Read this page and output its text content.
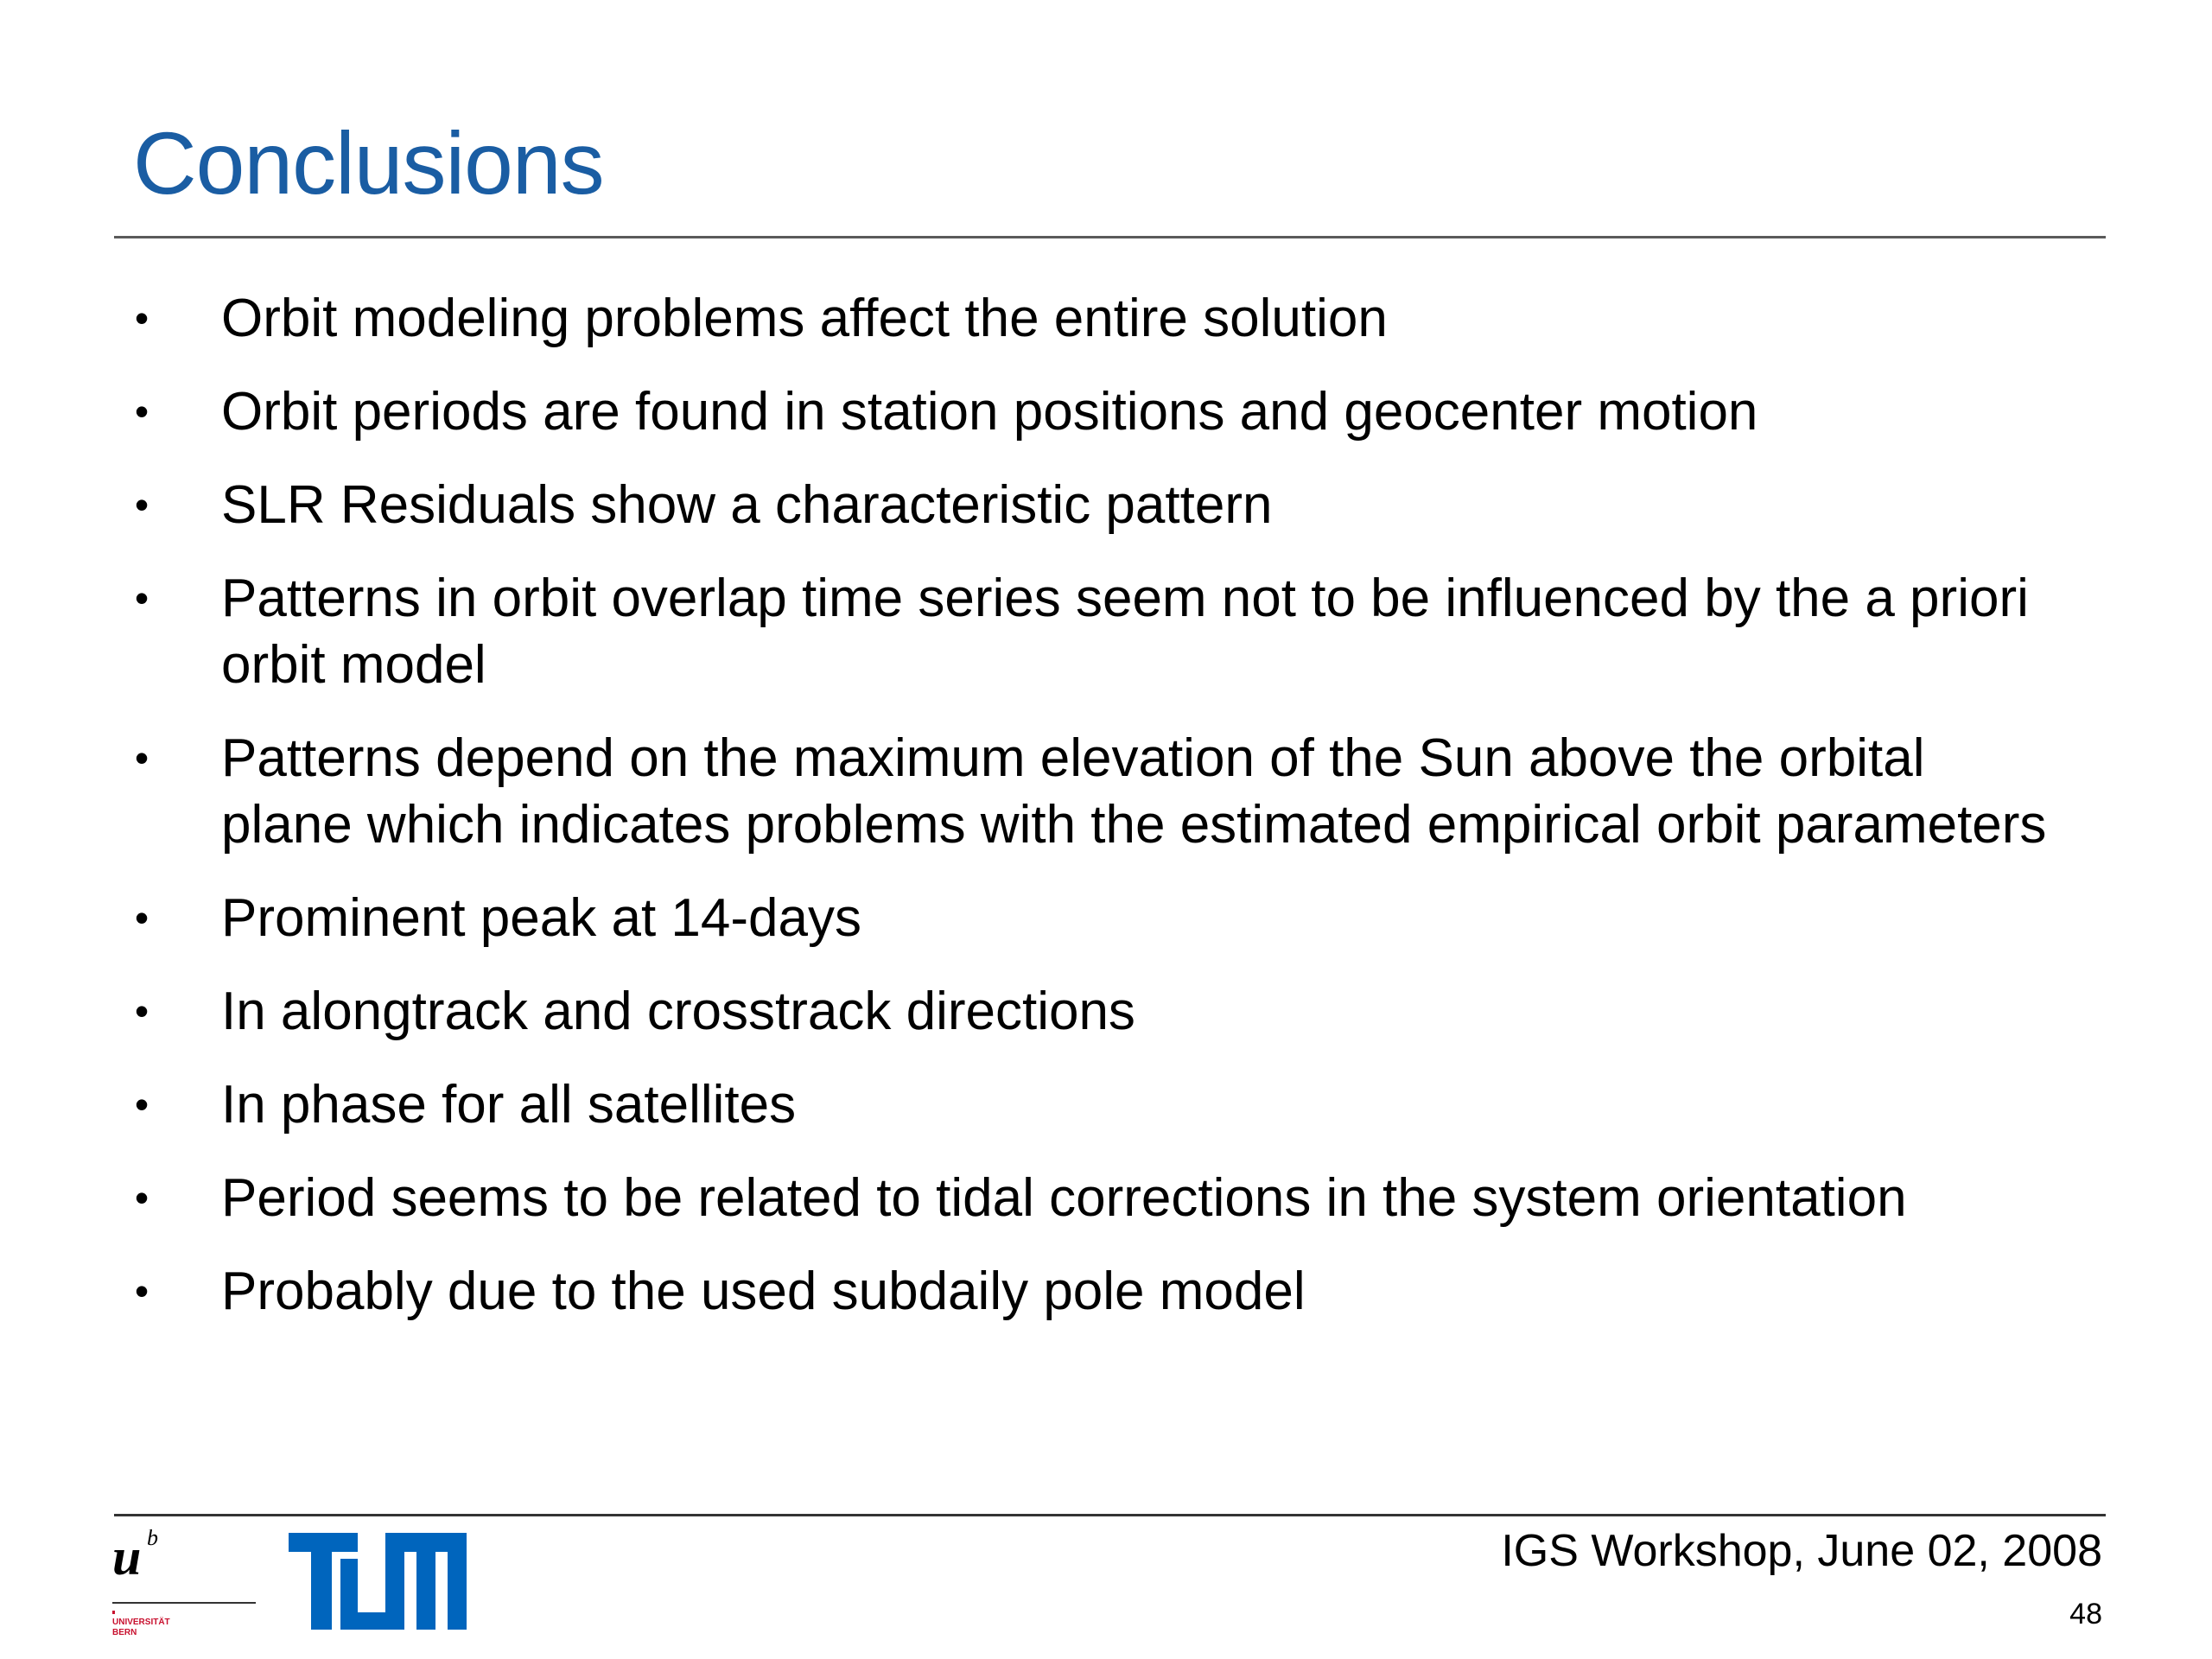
Conclusions
• Orbit modeling problems affect the entire solution
• Orbit periods are found in station positions and geocenter motion
• SLR Residuals show a characteristic pattern
• Patterns in orbit overlap time series seem not to be influenced by the a priori
orbit model
• Patterns depend on the maximum elevation of the Sun above the orbital
plane which indicates problems with the estimated empirical orbit parameters
• Prominent peak at 14-days
• In alongtrack and crosstrack directions
• In phase for all satellites
• Period seems to be related to tidal corrections in the system orientation
• Probably due to the used subdaily pole model
u b
UNIVERSITÄT
BERN
IGS Workshop, June 02, 2008
48
